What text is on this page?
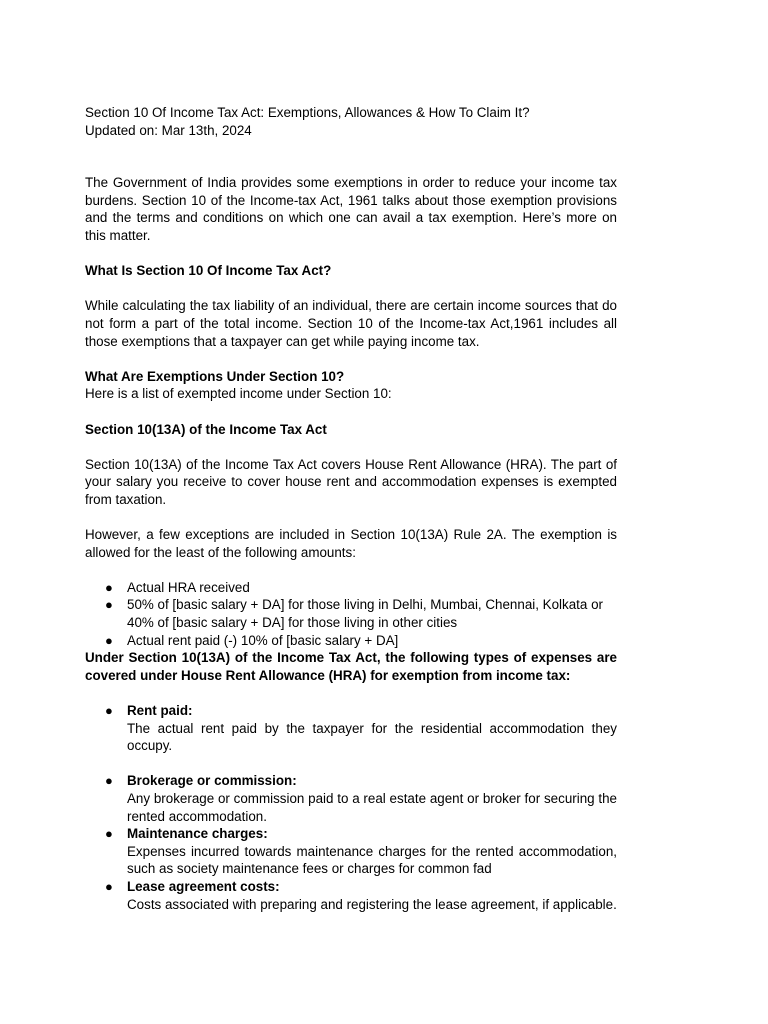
Section 10 Of Income Tax Act: Exemptions, Allowances & How To Claim It?

Updated on: Mar 13th, 2024

The Government of India provides some exemptions in order to reduce your income tax burdens. Section 10 of the Income-tax Act, 1961 talks about those exemption provisions and the terms and conditions on which one can avail a tax exemption. Here’s more on this matter.

What Is Section 10 Of Income Tax Act?

While calculating the tax liability of an individual, there are certain income sources that do not form a part of the total income. Section 10 of the Income-tax Act,1961 includes all those exemptions that a taxpayer can get while paying income tax.

What Are Exemptions Under Section 10?

Here is a list of exempted income under Section 10:

Section 10(13A) of the Income Tax Act

Section 10(13A) of the Income Tax Act covers House Rent Allowance (HRA). The part of your salary you receive to cover house rent and accommodation expenses is exempted from taxation.

However, a few exceptions are included in Section 10(13A) Rule 2A. The exemption is allowed for the least of the following amounts:

● Actual HRA received
● 50% of [basic salary + DA] for those living in Delhi, Mumbai, Chennai, Kolkata or 40% of [basic salary + DA] for those living in other cities
● Actual rent paid (-) 10% of [basic salary + DA]

Under Section 10(13A) of the Income Tax Act, the following types of expenses are covered under House Rent Allowance (HRA) for exemption from income tax:

● Rent paid:
The actual rent paid by the taxpayer for the residential accommodation they occupy.
● Brokerage or commission:
Any brokerage or commission paid to a real estate agent or broker for securing the rented accommodation.
● Maintenance charges:
Expenses incurred towards maintenance charges for the rented accommodation, such as society maintenance fees or charges for common fad
● Lease agreement costs:
Costs associated with preparing and registering the lease agreement, if applicable.
